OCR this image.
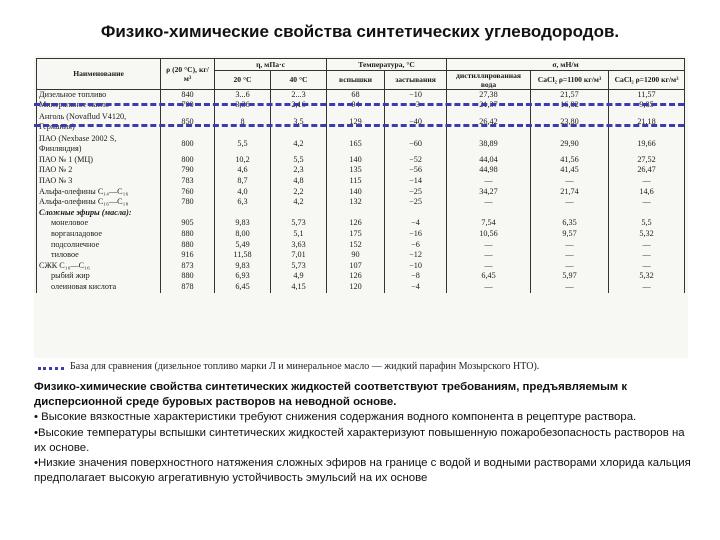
Физико-химические свойства синтетических углеводородов.
Наименование	ρ (20 °С), кг/м³	η, мПа·с		Температура, °С		σ, мН/м		
		20 °С	40 °С	вспышки	застывания	дистиллированная вода	СаСl₂ ρ=1100 кг/м³	СаСl₂ ρ=1200 кг/м³
Дизельное топливо	840	3...6	2...3	68	−10	27,38	21,57	11,57
Минеральное масло	790	3,36	2,16	94	−3	21,37	16,82	9,85
Анголь (Novaflud V4120, Германия)	850	8	3,5	129	−40	26,42	23,80	21,18
ПАО (Nexbase 2002 S, Финляндия)	800	5,5	4,2	165	−60	38,89	29,90	19,66
ПАО № 1 (МЦ)	800	10,2	5,5	140	−52	44,04	41,56	27,52
ПАО № 2	790	4,6	2,3	135	−56	44,98	41,45	26,47
ПАО № 3	783	8,7	4,8	115	−14	—	—	—
Альфа-олефины C₁₄—C₁₆	760	4,0	2,2	140	−25	34,27	21,74	14,6
Альфа-олефины C₁₆—C₁₈	780	6,3	4,2	132	−25	—	—	—
Сложные эфиры (масла):								
монеловое	905	9,83	5,73	126	−4	7,54	6,35	5,5
ворганладовое	880	8,00	5,1	175	−16	10,56	9,57	5,32
подсолнечное	880	5,49	3,63	152	−6	—	—	—
тиловое	916	11,58	7,01	90	−12	—	—	—
СЖК C₁₀—C₁₆	873	9,83	5,73	107	−10	—	—	—
рыбий жир	880	6,93	4,9	126	−8	6,45	5,97	5,32
олеиновая кислота	878	6,45	4,15	120	−4	—	—	—
База для сравнения (дизельное топливо марки Л и минеральное масло — жидкий парафин Мозырского НТО).

Физико-химические свойства синтетических жидкостей соответствуют требованиям, предъявляемым к дисперсионной среде буровых растворов на неводной основе.

• Высокие вязкостные характеристики требуют снижения содержания водного компонента в рецептуре раствора.

•Высокие температуры вспышки синтетических жидкостей характеризуют повышенную пожаробезопасность растворов на их основе.

•Низкие значения поверхностного натяжения сложных эфиров на границе с водой и водными растворами хлорида кальция предполагает высокую агрегативную устойчивость эмульсий на их основе
